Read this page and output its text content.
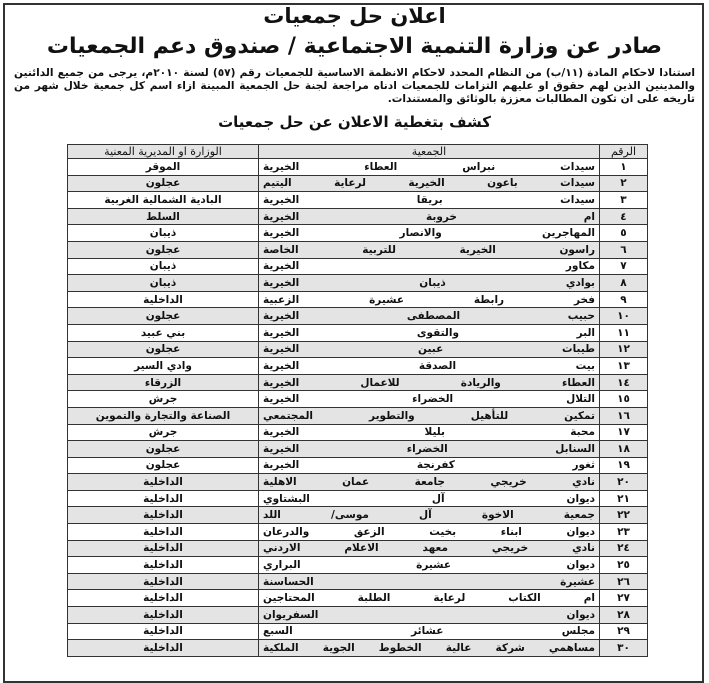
اعلان حل جمعيات
صادر عن وزارة التنمية الاجتماعية / صندوق دعم الجمعيات
استنادا لاحكام المادة (١١/ب) من النظام المحدد لاحكام الانظمة الاساسية للجمعيات رقم (٥٧) لسنة ٢٠١٠م، يرجى من جميع الدائنين والمدينين الذين لهم حقوق او عليهم التزامات للجمعيات ادناه مراجعة لجنة حل الجمعية المبينة ازاء اسم كل جمعية خلال شهر من تاريخه على ان تكون المطالبات معززة بالوثائق والمستندات.
كشف بتغطية الاعلان عن حل جمعيات
الرقم	الجمعية	الوزارة او المديرية المعنية
١	سيدات نبراس العطاء الخيرية	الموقر
٢	سيدات باعون الخيرية لرعاية اليتيم	عجلون
٣	سيدات بريقا الخيرية	البادية الشمالية الغربية
٤	ام خروبة الخيرية	السلط
٥	المهاجرين والانصار الخيرية	ذيبان
٦	راسون الخيرية للتربية الخاصة	عجلون
٧	مكاور الخيرية	ذيبان
٨	بوادي ذيبان الخيرية	ذيبان
٩	فخر رابطة عشيرة الزعبية	الداخلية
١٠	حبيب المصطفى الخيرية	عجلون
١١	البر والتقوى الخيرية	بني عبيد
١٢	طيبات عبين الخيرية	عجلون
١٣	بيت الصدقة الخيرية	وادي السير
١٤	العطاء والريادة للاعمال الخيرية	الزرقاء
١٥	التلال الخضراء الخيرية	جرش
١٦	تمكين للتأهيل والتطوير المجتمعي	الصناعة والتجارة والتموين
١٧	محبة بليلا الخيرية	جرش
١٨	السنابل الخضراء الخيرية	عجلون
١٩	ثغور كفرنجة الخيرية	عجلون
٢٠	نادي خريجي جامعة عمان الاهلية	الداخلية
٢١	ديوان آل البشتاوي	الداخلية
٢٢	جمعية الاخوة آل موسى/ اللد	الداخلية
٢٣	ديوان ابناء بخيت الزعق والدرعان	الداخلية
٢٤	نادي خريجي معهد الاعلام الاردني	الداخلية
٢٥	ديوان عشيرة البراري	الداخلية
٢٦	عشيرة الحساسنة	الداخلية
٢٧	ام الكتاب لرعاية الطلبة المحتاجين	الداخلية
٢٨	ديوان السفريوان	الداخلية
٢٩	مجلس عشائر السبع	الداخلية
٣٠	مساهمي شركة عالية الخطوط الجوية الملكية	الداخلية
